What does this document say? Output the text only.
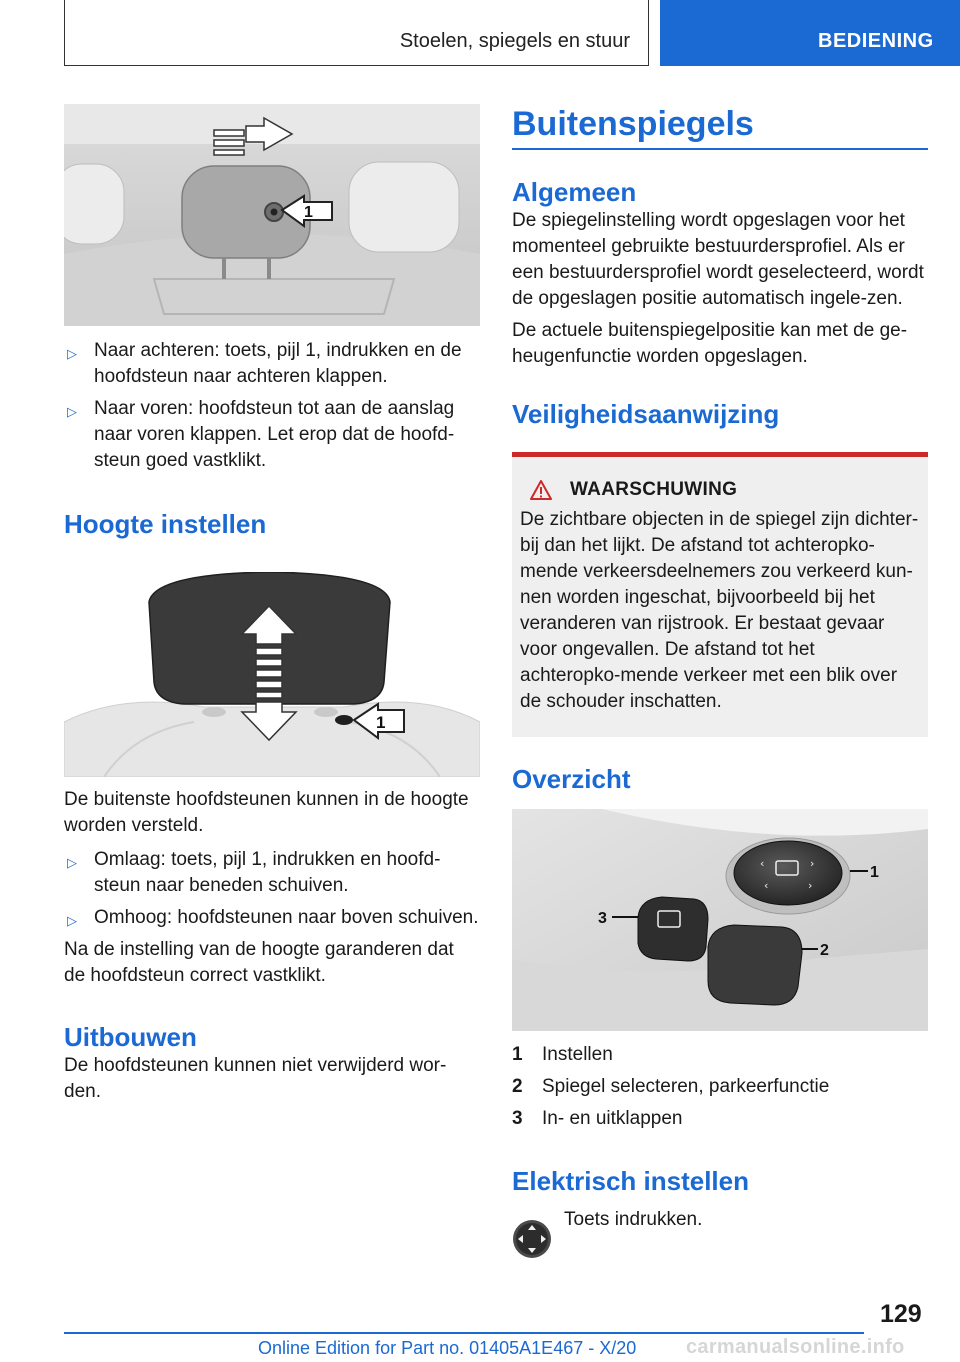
Stoelen, spiegels en stuur	BEDIENING
1
▷ Naar achteren: toets, pijl 1, indrukken en de hoofdsteun naar achteren klappen.
▷ Naar voren: hoofdsteun tot aan de aanslag naar voren klappen. Let erop dat de hoofd-steun goed vastklikt.
Hoogte instellen
1

De buitenste hoofdsteunen kunnen in de hoogte worden versteld.

▷ Omlaag: toets, pijl 1, indrukken en hoofd-steun naar beneden schuiven.
▷ Omhoog: hoofdsteunen naar boven schuiven.

Na de instelling van de hoogte garanderen dat de hoofdsteun correct vastklikt.

Uitbouwen

De hoofdsteunen kunnen niet verwijderd wor-den.

Buitenspiegels
Algemeen

De spiegelinstelling wordt opgeslagen voor het momenteel gebruikte bestuurdersprofiel. Als er een bestuurdersprofiel wordt geselecteerd, wordt de opgeslagen positie automatisch ingele-zen.

De actuele buitenspiegelpositie kan met de ge-heugenfunctie worden opgeslagen.

Veiligheidsaanwijzing
WAARSCHUWING

De zichtbare objecten in de spiegel zijn dichter-bij dan het lijkt. De afstand tot achteropko-mende verkeersdeelnemers zou verkeerd kun-nen worden ingeschat, bijvoorbeeld bij het veranderen van rijstrook. Er bestaat gevaar voor ongevallen. De afstand tot het achteropko-mende verkeer met een blik over de schouder inschatten.

Overzicht
‹	›
‹	›
1
2
3
1	Instellen
2	Spiegel selecteren, parkeerfunctie
3	In- en uitklappen
Elektrisch instellen
Toets indrukken.
129
Online Edition for Part no. 01405A1E467 - X/20 carmanualsonline.info
